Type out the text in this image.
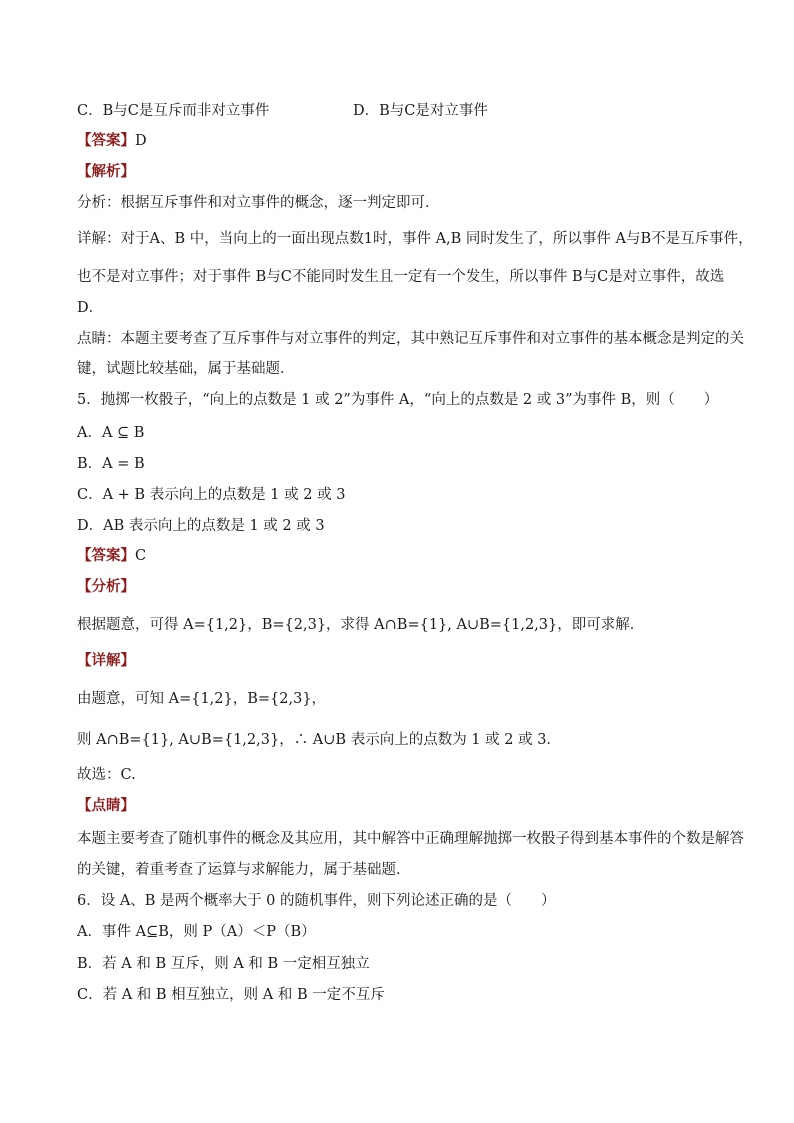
C．B与C是互斥而非对立事件	D．B与C是对立事件
【答案】D
【解析】
分析：根据互斥事件和对立事件的概念，逐一判定即可．
详解：对于A、B 中，当向上的一面出现点数1时，事件 A,B 同时发生了，所以事件 A与B不是互斥事件，
也不是对立事件；对于事件 B与C不能同时发生且一定有一个发生，所以事件 B与C是对立事件，故选
D．
点睛：本题主要考查了互斥事件与对立事件的判定，其中熟记互斥事件和对立事件的基本概念是判定的关
键，试题比较基础，属于基础题．
5．抛掷一枚骰子，“向上的点数是 1 或 2”为事件 A，“向上的点数是 2 或 3”为事件 B，则（　　）
A．A ⊆ B
B．A = B
C．A + B 表示向上的点数是 1 或 2 或 3
D．AB 表示向上的点数是 1 或 2 或 3
【答案】C
【分析】
根据题意，可得 A={1,2}，B={2,3}，求得 A∩B={1}, A∪B={1,2,3}，即可求解．
【详解】
由题意，可知 A={1,2}，B={2,3}，
则 A∩B={1}, A∪B={1,2,3}，∴ A∪B 表示向上的点数为 1 或 2 或 3．
故选：C.
【点睛】
本题主要考查了随机事件的概念及其应用，其中解答中正确理解抛掷一枚骰子得到基本事件的个数是解答
的关键，着重考查了运算与求解能力，属于基础题．
6．设 A、B 是两个概率大于 0 的随机事件，则下列论述正确的是（　　）
A．事件 A⊆B，则 P（A）＜P（B）
B．若 A 和 B 互斥，则 A 和 B 一定相互独立
C．若 A 和 B 相互独立，则 A 和 B 一定不互斥
